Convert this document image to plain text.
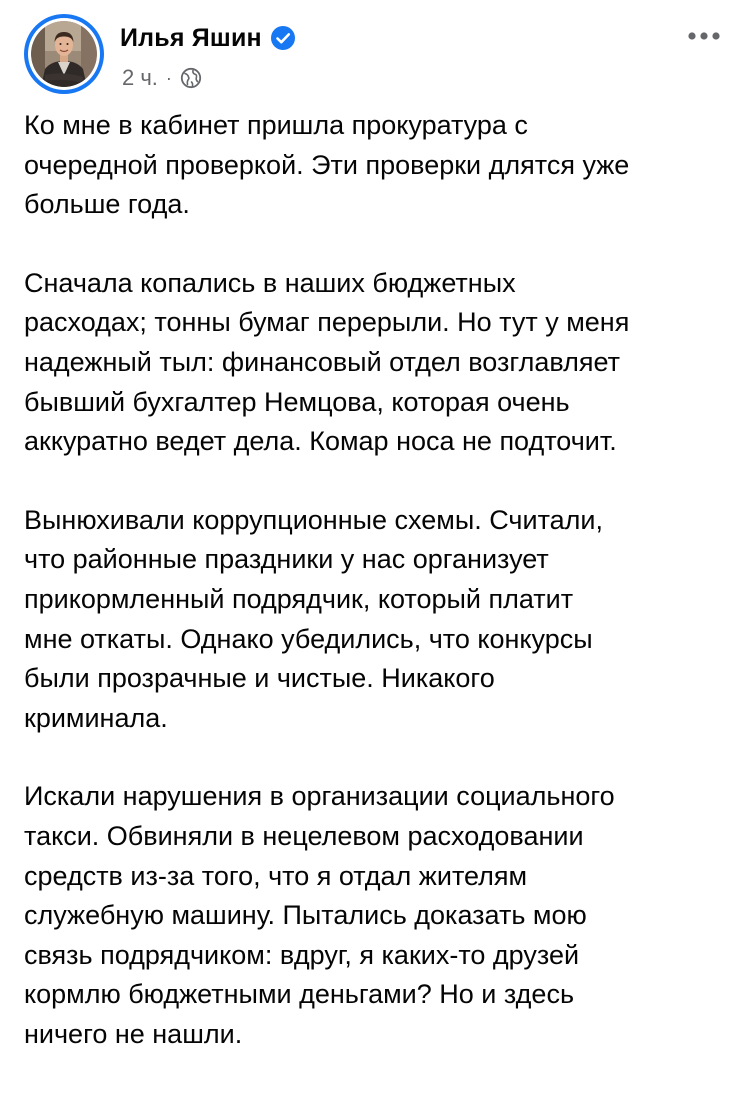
Илья Яшин
2 ч. ·

Ко мне в кабинет пришла прокуратура с
очередной проверкой. Эти проверки длятся уже
больше года.

Сначала копались в наших бюджетных
расходах; тонны бумаг перерыли. Но тут у меня
надежный тыл: финансовый отдел возглавляет
бывший бухгалтер Немцова, которая очень
аккуратно ведет дела. Комар носа не подточит.

Вынюхивали коррупционные схемы. Считали,
что районные праздники у нас организует
прикормленный подрядчик, который платит
мне откаты. Однако убедились, что конкурсы
были прозрачные и чистые. Никакого
криминала.

Искали нарушения в организации социального
такси. Обвиняли в нецелевом расходовании
средств из-за того, что я отдал жителям
служебную машину. Пытались доказать мою
связь подрядчиком: вдруг, я каких-то друзей
кормлю бюджетными деньгами? Но и здесь
ничего не нашли.
